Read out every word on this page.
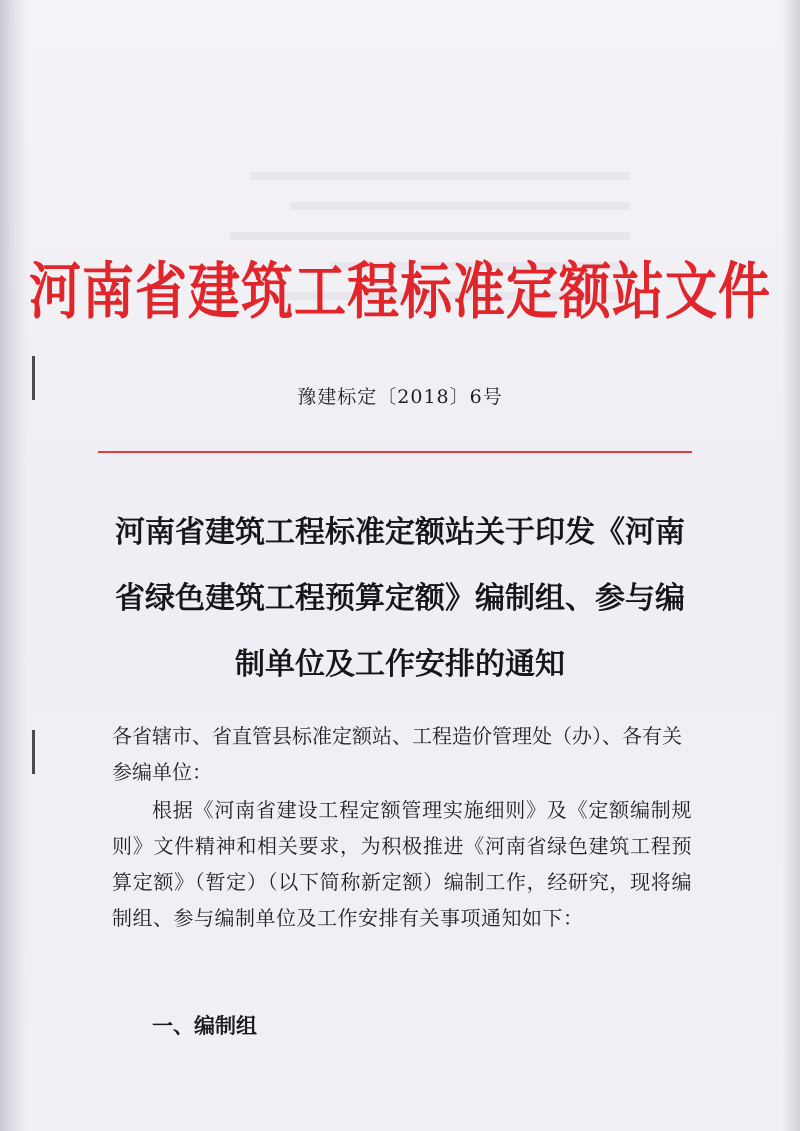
河南省建筑工程标准定额站文件
豫建标定〔2018〕6号
河南省建筑工程标准定额站关于印发《河南
省绿色建筑工程预算定额》编制组、参与编
制单位及工作安排的通知

各省辖市、省直管县标准定额站、工程造价管理处（办）、各有关参编单位：

根据《河南省建设工程定额管理实施细则》及《定额编制规则》文件精神和相关要求，为积极推进《河南省绿色建筑工程预算定额》（暂定）（以下简称新定额）编制工作，经研究，现将编制组、参与编制单位及工作安排有关事项通知如下：

一、编制组
